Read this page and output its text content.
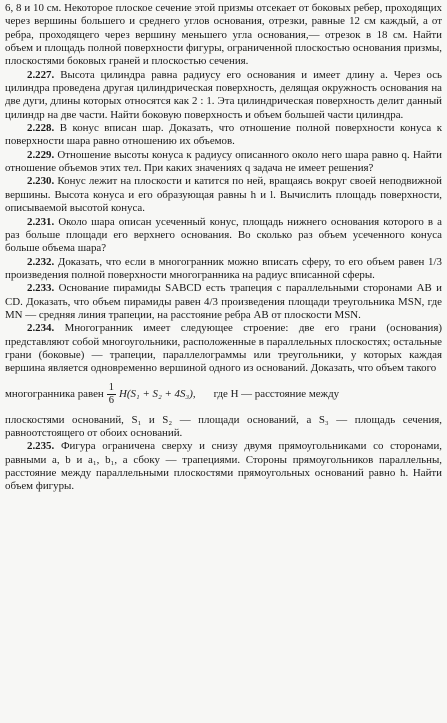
6, 8 и 10 см. Некоторое плоское сечение этой призмы отсекает от боковых ребер, проходящих через вершины большего и среднего углов основания, отрезки, равные 12 см каждый, а от ребра, проходящего через вершину меньшего угла основания,— отрезок в 18 см. Найти объем и площадь полной поверхности фигуры, ограниченной плоскостью основания призмы, плоскостями боковых граней и плоскостью сечения.

2.227. Высота цилиндра равна радиусу его основания и имеет длину a. Через ось цилиндра проведена другая цилиндрическая поверхность, делящая окружность основания на две дуги, длины которых относятся как 2 : 1. Эта цилиндрическая поверхность делит данный цилиндр на две части. Найти боковую поверхность и объем большей части цилиндра.

2.228. В конус вписан шар. Доказать, что отношение полной поверхности конуса к поверхности шара равно отношению их объемов.

2.229. Отношение высоты конуса к радиусу описанного около него шара равно q. Найти отношение объемов этих тел. При каких значениях q задача не имеет решения?

2.230. Конус лежит на плоскости и катится по ней, вращаясь вокруг своей неподвижной вершины. Высота конуса и его образующая равны h и l. Вычислить площадь поверхности, описываемой высотой конуса.

2.231. Около шара описан усеченный конус, площадь нижнего основания которого в a раз больше площади его верхнего основания. Во сколько раз объем усеченного конуса больше объема шара?

2.232. Доказать, что если в многогранник можно вписать сферу, то его объем равен 1/3 произведения полной поверхности многогранника на радиус вписанной сферы.

2.233. Основание пирамиды SABCD есть трапеция с параллельными сторонами AB и CD. Доказать, что объем пирамиды равен 4/3 произведения площади треугольника MSN, где MN — средняя линия трапеции, на расстояние ребра AB от плоскости MSN.

2.234. Многогранник имеет следующее строение: две его грани (основания) представляют собой многоугольники, расположенные в параллельных плоскостях; остальные грани (боковые) — трапеции, параллелограммы или треугольники, у которых каждая вершина является одновременно вершиной одного из оснований. Доказать, что объем такого

многогранника равен $\frac{1}{6} H(S_1 + S_2 + 4S_3)$, где H — расстояние между

плоскостями оснований, S₁ и S₂ — площади оснований, а S₃ — площадь сечения, равноотстоящего от обоих оснований.

2.235. Фигура ограничена сверху и снизу двумя прямоугольниками со сторонами, равными a, b и a₁, b₁, а сбоку — трапециями. Стороны прямоугольников параллельны, расстояние между параллельными плоскостями прямоугольных оснований равно h. Найти объем фигуры.
